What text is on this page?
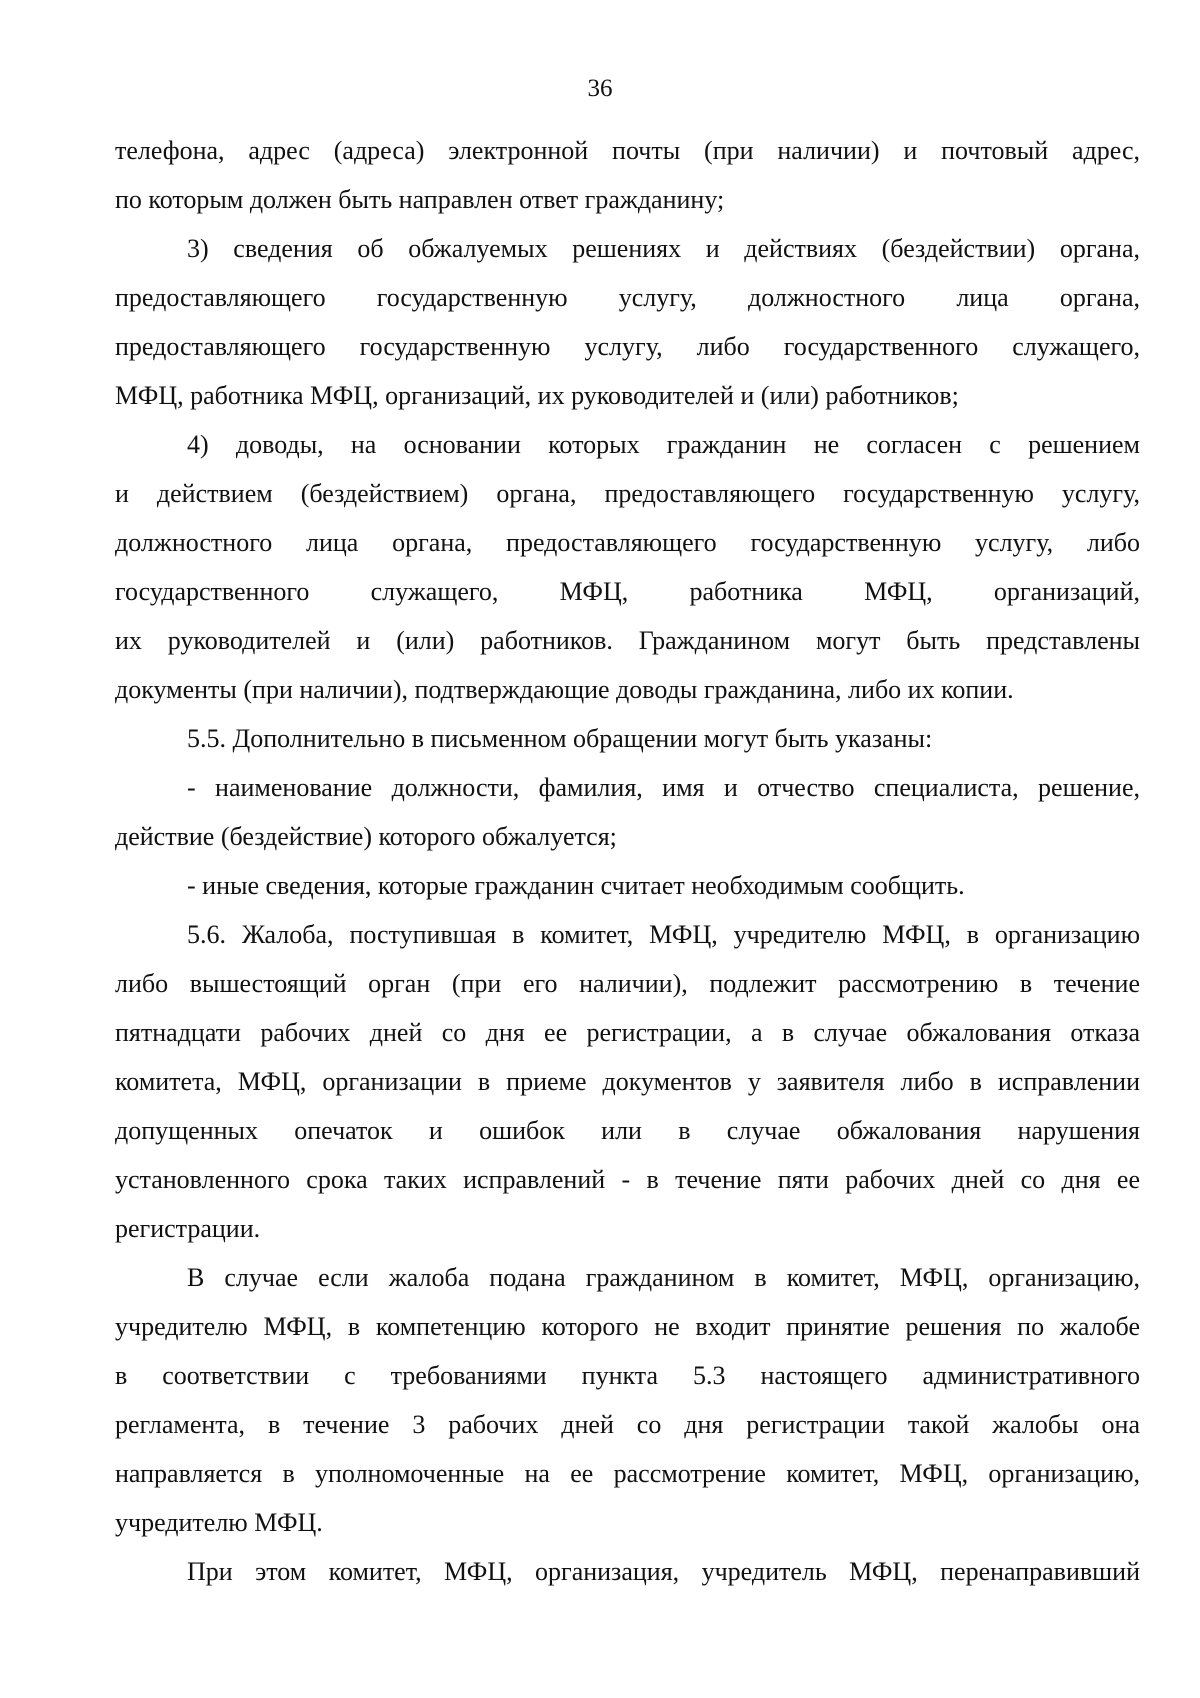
36
телефона, адрес (адреса) электронной почты (при наличии) и почтовый адрес,
по которым должен быть направлен ответ гражданину;
3) сведения об обжалуемых решениях и действиях (бездействии) органа,
предоставляющего государственную услугу, должностного лица органа,
предоставляющего государственную услугу, либо государственного служащего,
МФЦ, работника МФЦ, организаций, их руководителей и (или) работников;
4) доводы, на основании которых гражданин не согласен с решением
и действием (бездействием) органа, предоставляющего государственную услугу,
должностного лица органа, предоставляющего государственную услугу, либо
государственного служащего, МФЦ, работника МФЦ, организаций,
их руководителей и (или) работников. Гражданином могут быть представлены
документы (при наличии), подтверждающие доводы гражданина, либо их копии.
5.5. Дополнительно в письменном обращении могут быть указаны:
- наименование должности, фамилия, имя и отчество специалиста, решение,
действие (бездействие) которого обжалуется;
- иные сведения, которые гражданин считает необходимым сообщить.
5.6. Жалоба, поступившая в комитет, МФЦ, учредителю МФЦ, в организацию
либо вышестоящий орган (при его наличии), подлежит рассмотрению в течение
пятнадцати рабочих дней со дня ее регистрации, а в случае обжалования отказа
комитета, МФЦ, организации в приеме документов у заявителя либо в исправлении
допущенных опечаток и ошибок или в случае обжалования нарушения
установленного срока таких исправлений - в течение пяти рабочих дней со дня ее
регистрации.
В случае если жалоба подана гражданином в комитет, МФЦ, организацию,
учредителю МФЦ, в компетенцию которого не входит принятие решения по жалобе
в соответствии с требованиями пункта 5.3 настоящего административного
регламента, в течение 3 рабочих дней со дня регистрации такой жалобы она
направляется в уполномоченные на ее рассмотрение комитет, МФЦ, организацию,
учредителю МФЦ.
При этом комитет, МФЦ, организация, учредитель МФЦ, перенаправивший
